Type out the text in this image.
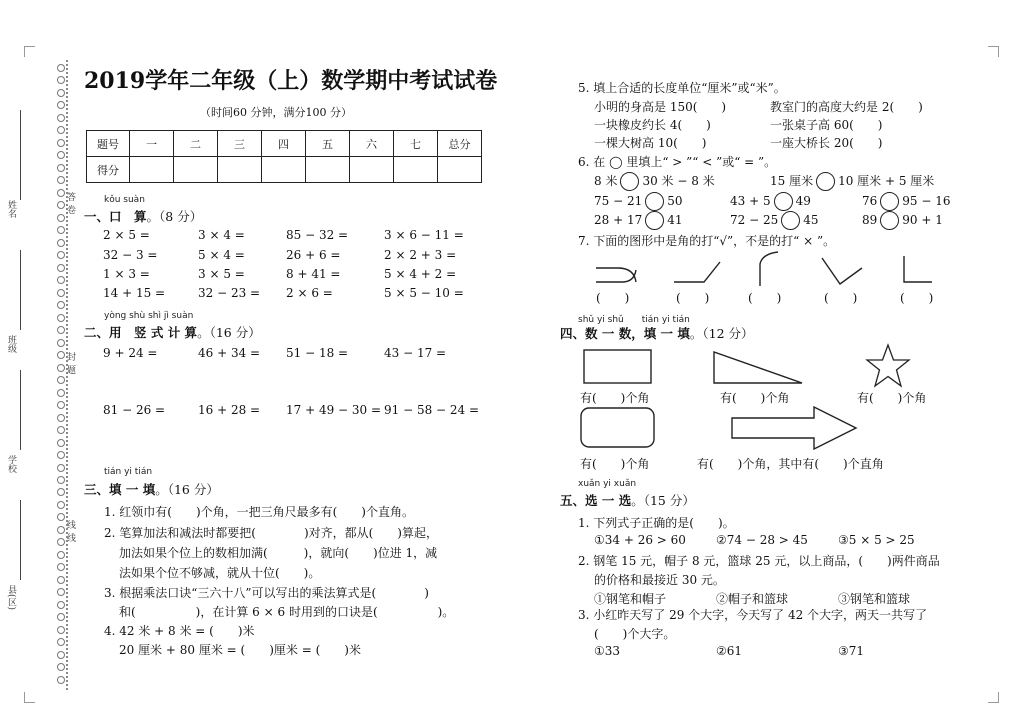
姓名
班级
学校
县(区)
答
卷
封
题
线
线
2019学年二年级（上）数学期中考试试卷
（时间60 分钟，满分100 分）
题号	一	二	三	四	五	六	七	总分
得分								
kǒu suàn
一、口　算。（8 分）
2 × 5 =	3 × 4 =	85 − 32 =	3 × 6 − 11 =
32 − 3 =	5 × 4 =	26 + 6 =	2 × 2 + 3 =
1 × 3 =	3 × 5 =	8 + 41 =	5 × 4 + 2 =
14 + 15 =	32 − 23 = 2 × 6 =	5 × 5 − 10 =
yòng shù shì jì suàn
二、用　竖 式 计 算。（16 分）
9 + 24 =	46 + 34 = 51 − 18 =	43 − 17 =
81 − 26 =	16 + 28 = 17 + 49 − 30 = 91 − 58 − 24 =
tián yi tián
三、填 一 填。（16 分）
1. 红领巾有(　　)个角，一把三角尺最多有(　　)个直角。
2. 笔算加法和减法时都要把(　　　　)对齐，都从(　　)算起，
加法如果个位上的数相加满(　　　)，就向(　　)位进 1，减
法如果个位不够减，就从十位(　　)。
3. 根据乘法口诀“三六十八”可以写出的乘法算式是(　　　　)
和(　　　　　)，在计算 6 × 6 时用到的口诀是(　　　　　)。
4. 42 米 + 8 米 = (　　)米
20 厘米 + 80 厘米 = (　　)厘米 = (　　)米
5. 填上合适的长度单位“厘米”或“米”。
小明的身高是 150(　　)	教室门的高度大约是 2(　　)
一块橡皮约长 4(　　)	一张桌子高 60(　　)
一棵大树高 10(　　)	一座大桥长 20(　　)
6. 在 ◯ 里填上“ > ”“ < ”或“ = ”。
8 米 30 米 − 8 米	15 厘米 10 厘米 + 5 厘米
75 − 21 50	43 + 5 49	76 95 − 16
28 + 17 41	72 − 25 45	89 90 + 1
7. 下面的图形中是角的打“√”，不是的打“ × ”。
(　　)	(　　)	(　　)	(　　)	(　　)
shǔ yi shǔ　　tián yi tián
四、数 一 数，填 一 填。（12 分）
有(　　)个角	有(　　)个角	有(　　)个角
有(　　)个角	有(　　)个角，其中有(　　)个直角
xuǎn yi xuǎn
五、选 一 选。（15 分）
1. 下列式子正确的是(　　)。
①34 + 26 > 60	②74 − 28 > 45	③5 × 5 > 25
2. 钢笔 15 元，帽子 8 元，篮球 25 元，以上商品，(　　)两件商品
的价格和最接近 30 元。
①钢笔和帽子	②帽子和篮球	③钢笔和篮球
3. 小红昨天写了 29 个大字，今天写了 42 个大字，两天一共写了
(　　)个大字。
①33	②61	③71
